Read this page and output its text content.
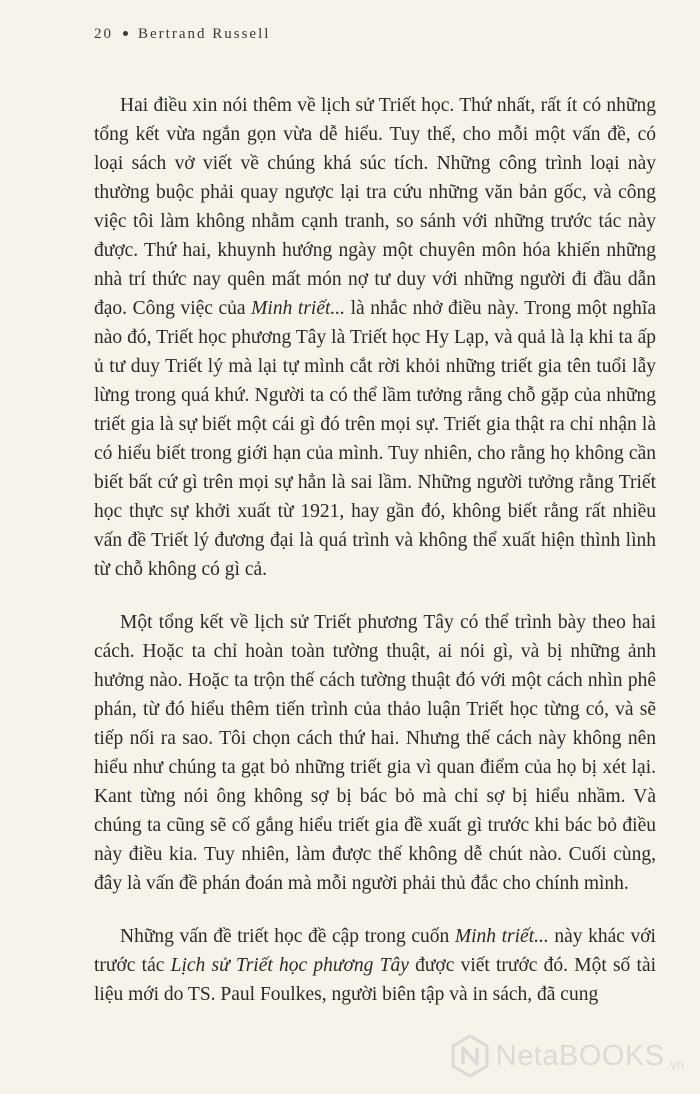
20 Bertrand Russell

Hai điều xin nói thêm về lịch sử Triết học. Thứ nhất, rất ít có những tổng kết vừa ngắn gọn vừa dễ hiểu. Tuy thế, cho mỗi một vấn đề, có loại sách vở viết về chúng khá súc tích. Những công trình loại này thường buộc phải quay ngược lại tra cứu những văn bản gốc, và công việc tôi làm không nhằm cạnh tranh, so sánh với những trước tác này được. Thứ hai, khuynh hướng ngày một chuyên môn hóa khiến những nhà trí thức nay quên mất món nợ tư duy với những người đi đầu dẫn đạo. Công việc của Minh triết... là nhắc nhở điều này. Trong một nghĩa nào đó, Triết học phương Tây là Triết học Hy Lạp, và quả là lạ khi ta ấp ủ tư duy Triết lý mà lại tự mình cắt rời khỏi những triết gia tên tuổi lẫy lừng trong quá khứ. Người ta có thể lầm tưởng rằng chỗ gặp của những triết gia là sự biết một cái gì đó trên mọi sự. Triết gia thật ra chỉ nhận là có hiểu biết trong giới hạn của mình. Tuy nhiên, cho rằng họ không cần biết bất cứ gì trên mọi sự hẳn là sai lầm. Những người tưởng rằng Triết học thực sự khởi xuất từ 1921, hay gần đó, không biết rằng rất nhiều vấn đề Triết lý đương đại là quá trình và không thể xuất hiện thình lình từ chỗ không có gì cả.

Một tổng kết về lịch sử Triết phương Tây có thể trình bày theo hai cách. Hoặc ta chỉ hoàn toàn tường thuật, ai nói gì, và bị những ảnh hưởng nào. Hoặc ta trộn thế cách tường thuật đó với một cách nhìn phê phán, từ đó hiểu thêm tiến trình của thảo luận Triết học từng có, và sẽ tiếp nối ra sao. Tôi chọn cách thứ hai. Nhưng thế cách này không nên hiểu như chúng ta gạt bỏ những triết gia vì quan điểm của họ bị xét lại. Kant từng nói ông không sợ bị bác bỏ mà chỉ sợ bị hiểu nhầm. Và chúng ta cũng sẽ cố gắng hiểu triết gia đề xuất gì trước khi bác bỏ điều này điều kia. Tuy nhiên, làm được thế không dễ chút nào. Cuối cùng, đây là vấn đề phán đoán mà mỗi người phải thủ đắc cho chính mình.

Những vấn đề triết học đề cập trong cuốn Minh triết... này khác với trước tác Lịch sử Triết học phương Tây được viết trước đó. Một số tài liệu mới do TS. Paul Foulkes, người biên tập và in sách, đã cung

NetaBOOKS .vn
